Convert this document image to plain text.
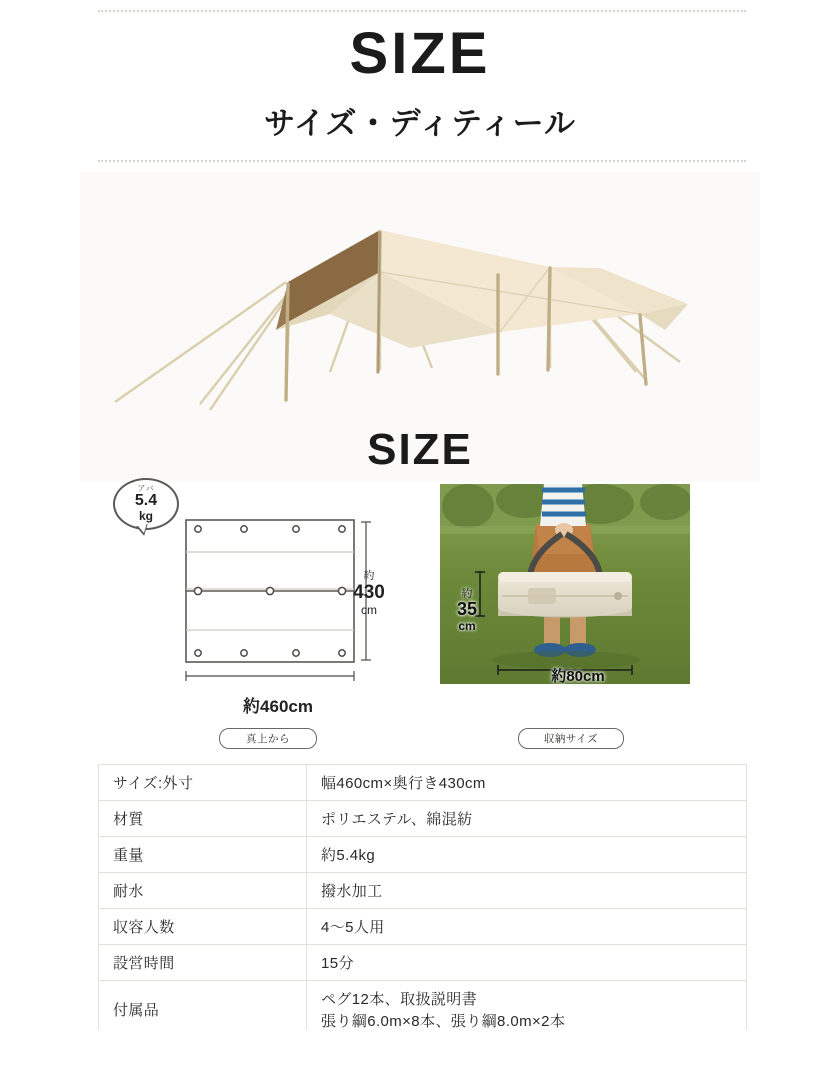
SIZE
サイズ・ディティール
SIZE
アバ
5.4
kg
約
430
cm
約460cm
約
35
cm
約80cm
真上から	収納サイズ
サイズ:外寸	幅460cm×奥行き430cm
材質	ポリエステル、綿混紡
重量	約5.4kg
耐水	撥水加工
収容人数	4〜5人用
設営時間	15分
付属品	ペグ12本、取扱説明書
張り綱6.0m×8本、張り綱8.0m×2本
